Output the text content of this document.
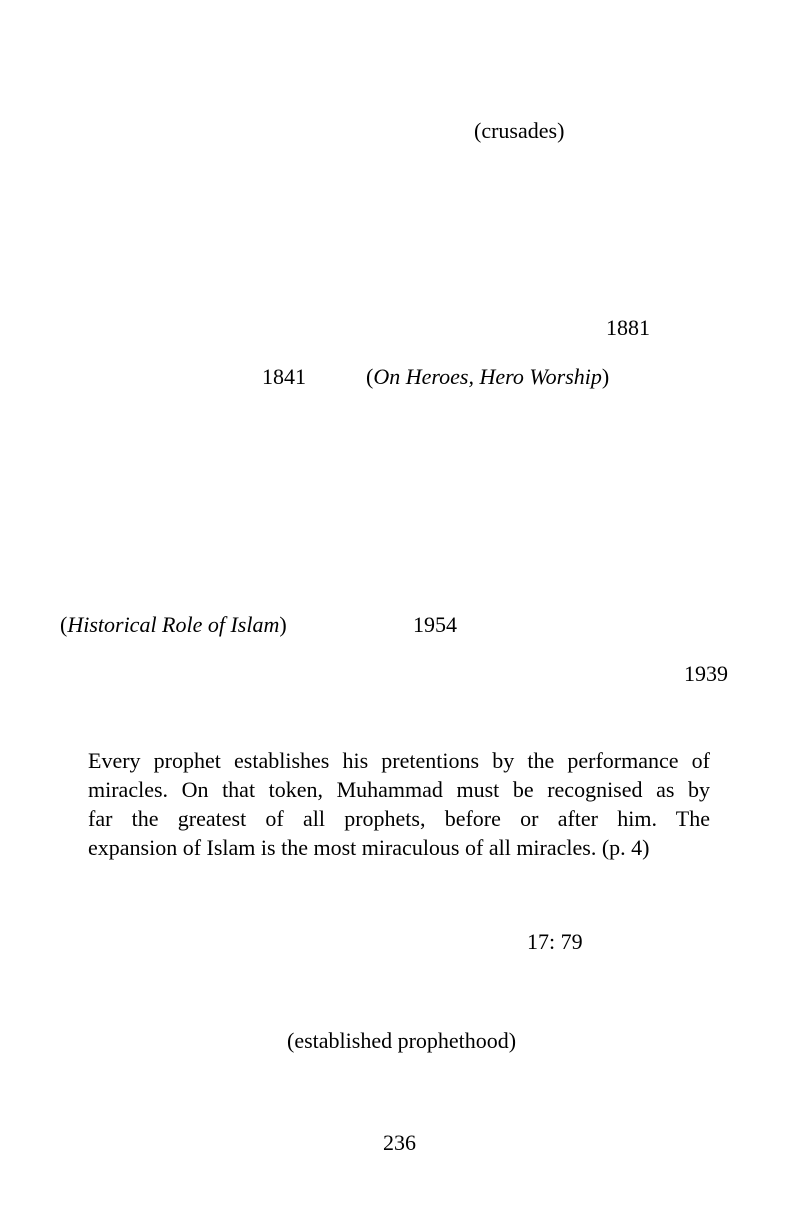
(crusades)
1881
1841	(On Heroes, Hero Worship)
(Historical Role of Islam)	1954
1939
Every prophet establishes his pretentions by the performance of
miracles. On that token, Muhammad must be recognised as by
far the greatest of all prophets, before or after him. The
expansion of Islam is the most miraculous of all miracles. (p. 4)
17: 79
(established prophethood)
236
